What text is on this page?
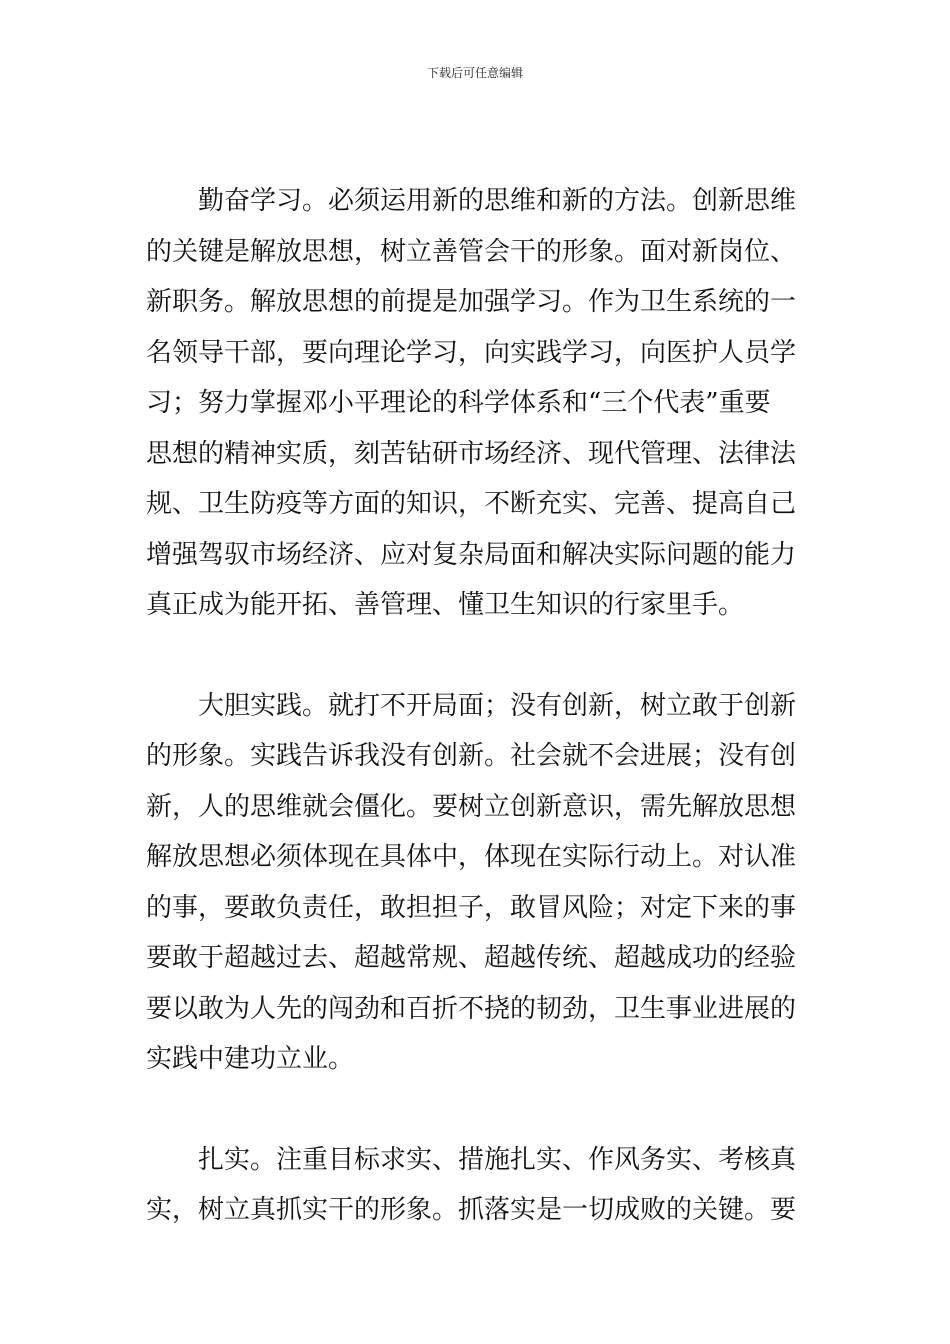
下载后可任意编辑

勤奋学习。必须运用新的思维和新的方法。创新思维
的关键是解放思想，树立善管会干的形象。面对新岗位、
新职务。解放思想的前提是加强学习。作为卫生系统的一
名领导干部，要向理论学习，向实践学习，向医护人员学
习；努力掌握邓小平理论的科学体系和“三个代表”重要
思想的精神实质，刻苦钻研市场经济、现代管理、法律法
规、卫生防疫等方面的知识，不断充实、完善、提高自己
增强驾驭市场经济、应对复杂局面和解决实际问题的能力
真正成为能开拓、善管理、懂卫生知识的行家里手。

大胆实践。就打不开局面；没有创新，树立敢于创新
的形象。实践告诉我没有创新。社会就不会进展；没有创
新，人的思维就会僵化。要树立创新意识，需先解放思想
解放思想必须体现在具体中，体现在实际行动上。对认准
的事，要敢负责任，敢担担子，敢冒风险；对定下来的事
要敢于超越过去、超越常规、超越传统、超越成功的经验
要以敢为人先的闯劲和百折不挠的韧劲，卫生事业进展的
实践中建功立业。

扎实。注重目标求实、措施扎实、作风务实、考核真
实，树立真抓实干的形象。抓落实是一切成败的关键。要
